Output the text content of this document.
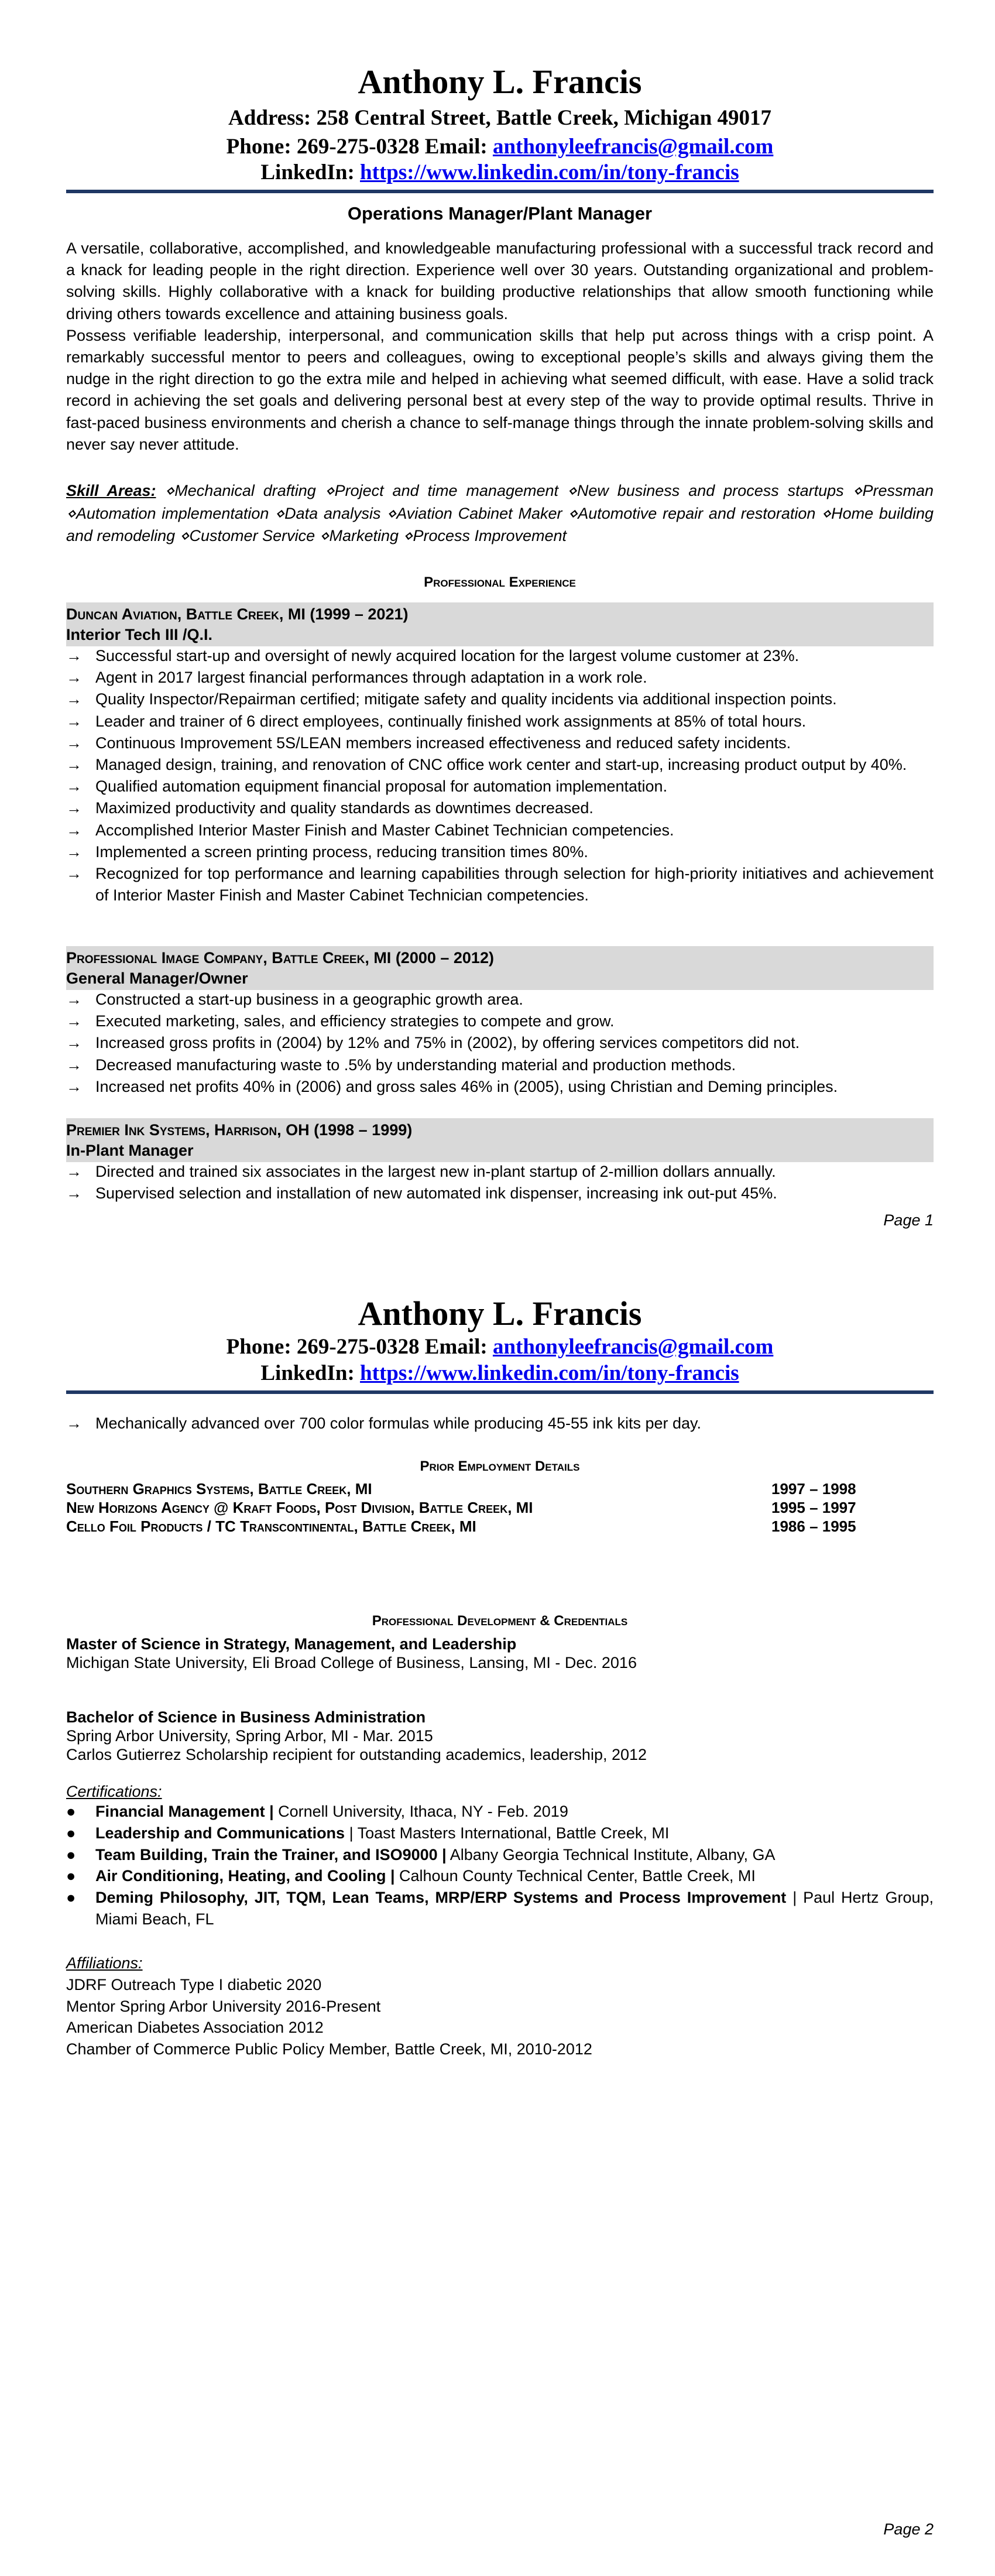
Anthony L. Francis
Address: 258 Central Street, Battle Creek, Michigan 49017
Phone: 269-275-0328 Email: anthonyleefrancis@gmail.com
LinkedIn: https://www.linkedin.com/in/tony-francis
Operations Manager/Plant Manager

A versatile, collaborative, accomplished, and knowledgeable manufacturing professional with a successful track record and a knack for leading people in the right direction. Experience well over 30 years. Outstanding organizational and problem-solving skills. Highly collaborative with a knack for building productive relationships that allow smooth functioning while driving others towards excellence and attaining business goals.

Possess verifiable leadership, interpersonal, and communication skills that help put across things with a crisp point. A remarkably successful mentor to peers and colleagues, owing to exceptional people’s skills and always giving them the nudge in the right direction to go the extra mile and helped in achieving what seemed difficult, with ease. Have a solid track record in achieving the set goals and delivering personal best at every step of the way to provide optimal results. Thrive in fast-paced business environments and cherish a chance to self-manage things through the innate problem-solving skills and never say never attitude.

Skill Areas: ⋄Mechanical drafting ⋄Project and time management ⋄New business and process startups ⋄Pressman ⋄Automation implementation ⋄Data analysis ⋄Aviation Cabinet Maker ⋄Automotive repair and restoration ⋄Home building and remodeling ⋄Customer Service ⋄Marketing ⋄Process Improvement
Professional Experience
Duncan Aviation, Battle Creek, MI (1999 – 2021)
Interior Tech III /Q.I.
→ Successful start-up and oversight of newly acquired location for the largest volume customer at 23%.
→ Agent in 2017 largest financial performances through adaptation in a work role.
→ Quality Inspector/Repairman certified; mitigate safety and quality incidents via additional inspection points.
→ Leader and trainer of 6 direct employees, continually finished work assignments at 85% of total hours.
→ Continuous Improvement 5S/LEAN members increased effectiveness and reduced safety incidents.
→ Managed design, training, and renovation of CNC office work center and start-up, increasing product output by 40%.
→ Qualified automation equipment financial proposal for automation implementation.
→ Maximized productivity and quality standards as downtimes decreased.
→ Accomplished Interior Master Finish and Master Cabinet Technician competencies.
→ Implemented a screen printing process, reducing transition times 80%.
→ Recognized for top performance and learning capabilities through selection for high-priority initiatives and achievement of Interior Master Finish and Master Cabinet Technician competencies.
Professional Image Company, Battle Creek, MI (2000 – 2012)
General Manager/Owner
→ Constructed a start-up business in a geographic growth area.
→ Executed marketing, sales, and efficiency strategies to compete and grow.
→ Increased gross profits in (2004) by 12% and 75% in (2002), by offering services competitors did not.
→ Decreased manufacturing waste to .5% by understanding material and production methods.
→ Increased net profits 40% in (2006) and gross sales 46% in (2005), using Christian and Deming principles.
Premier Ink Systems, Harrison, OH (1998 – 1999)
In-Plant Manager
→ Directed and trained six associates in the largest new in-plant startup of 2-million dollars annually.
→ Supervised selection and installation of new automated ink dispenser, increasing ink out-put 45%.
Page 1
Anthony L. Francis
Phone: 269-275-0328 Email: anthonyleefrancis@gmail.com
LinkedIn: https://www.linkedin.com/in/tony-francis
→ Mechanically advanced over 700 color formulas while producing 45-55 ink kits per day.
Prior Employment Details
Southern Graphics Systems, Battle Creek, MI	1997 – 1998
New Horizons Agency @ Kraft Foods, Post Division, Battle Creek, MI	1995 – 1997
Cello Foil Products / TC Transcontinental, Battle Creek, MI	1986 – 1995
Professional Development & Credentials
Master of Science in Strategy, Management, and Leadership
Michigan State University, Eli Broad College of Business, Lansing, MI - Dec. 2016
Bachelor of Science in Business Administration
Spring Arbor University, Spring Arbor, MI - Mar. 2015
Carlos Gutierrez Scholarship recipient for outstanding academics, leadership, 2012
Certifications:
●	Financial Management | Cornell University, Ithaca, NY - Feb. 2019
●	Leadership and Communications | Toast Masters International, Battle Creek, MI
●	Team Building, Train the Trainer, and ISO9000 | Albany Georgia Technical Institute, Albany, GA
●	Air Conditioning, Heating, and Cooling | Calhoun County Technical Center, Battle Creek, MI
●	Deming Philosophy, JIT, TQM, Lean Teams, MRP/ERP Systems and Process Improvement | Paul Hertz Group, Miami Beach, FL
Affiliations:
JDRF Outreach Type I diabetic 2020
Mentor Spring Arbor University 2016-Present
American Diabetes Association 2012
Chamber of Commerce Public Policy Member, Battle Creek, MI, 2010-2012
Page 2
